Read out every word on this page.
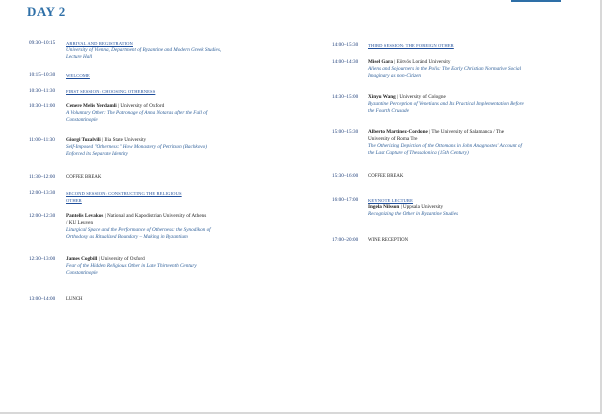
DAY 2
09:30–10:15 ARRIVAL AND REGISTRATION
University of Vienna, Department of Byzantine and Modern Greek Studies,
Lecture Hall
10:15–10:30 WELCOME
10:30–11:30 FIRST SESSION: CHOOSING OTHERNESS
10:30–11:00 Cenere Melis Yerdamli | University of Oxford
A Voluntary Other: The Patronage of Anna Notaras after the Fall of
Constantinople
11:00–11:30 Giorgi Tuzalvili | Ilia State University
Self-Imposed "Otherness:" How Monastery of Petritson (Bachkovo)
Enforced its Separate Identity
11:30–12:00 COFFEE BREAK
12:00–13:30 SECOND SESSION: CONSTRUCTING THE RELIGIOUS
OTHER
12:00–12:30 Pantelis Levakos | National and Kapodistrian University of Athens
/ KU Leuven
Liturgical Space and the Performance of Otherness: the Synodikon of
Orthodoxy as Ritualized Boundary – Making in Byzantium
12:30–13:00 James Cogbill | University of Oxford
Fear of the Hidden Religious Other in Late Thirteenth Century
Constantinople
13:00–14:00 LUNCH
14:00–15:30 THIRD SESSION: THE FOREIGN OTHER
14:00–14:30 Misel Gara | Eötvös Loránd University
Aliens and Sojourners in the Polis: The Early Christian Normative Social
Imaginary as non-Citizen
14:30–15:00 Xinyu Wang | University of Cologne
Byzantine Perception of Venetians and Its Practical Implementation Before
the Fourth Crusade
15:00–15:30 Alberto Martinez-Cordone | The University of Salamanca / The
University of Roma Tre
The Otherizing Depiction of the Ottomans in John Anagnostes' Account of
the Last Capture of Thessalonica (15th Century)
15:30–16:00 COFFEE BREAK
16:00–17:00 KEYNOTE LECTURE
Ingela Nilsson | Uppsala University
Recognizing the Other in Byzantine Studies
17:00–20:00 WINE RECEPTION
